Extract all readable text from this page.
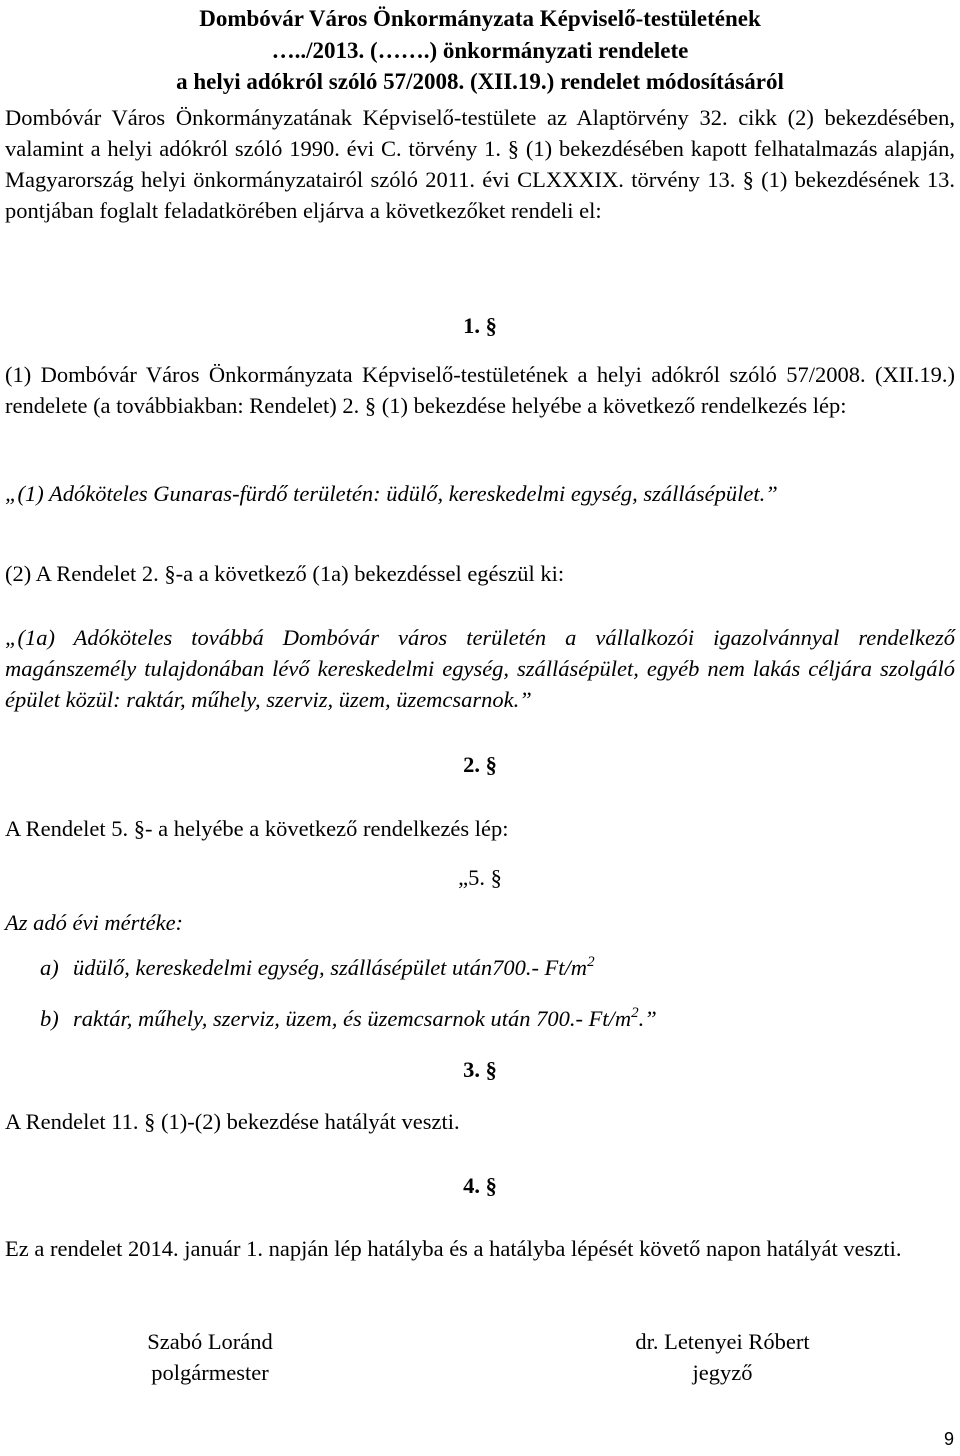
Dombóvár Város Önkormányzata Képviselő-testületének
…../2013. (…….) önkormányzati rendelete
a helyi adókról szóló 57/2008. (XII.19.) rendelet módosításáról

Dombóvár Város Önkormányzatának Képviselő-testülete az Alaptörvény 32. cikk (2) bekezdésében, valamint a helyi adókról szóló 1990. évi C. törvény 1. § (1) bekezdésében kapott felhatalmazás alapján, Magyarország helyi önkormányzatairól szóló 2011. évi CLXXXIX. törvény 13. § (1) bekezdésének 13. pontjában foglalt feladatkörében eljárva a következőket rendeli el:

1. §

(1) Dombóvár Város Önkormányzata Képviselő-testületének a helyi adókról szóló 57/2008. (XII.19.) rendelete (a továbbiakban: Rendelet) 2. § (1) bekezdése helyébe a következő rendelkezés lép:

„(1) Adóköteles Gunaras-fürdő területén: üdülő, kereskedelmi egység, szállásépület.”

(2) A Rendelet 2. §-a a következő (1a) bekezdéssel egészül ki:

„(1a) Adóköteles továbbá Dombóvár város területén a vállalkozói igazolvánnyal rendelkező magánszemély tulajdonában lévő kereskedelmi egység, szállásépület, egyéb nem lakás céljára szolgáló épület közül: raktár, műhely, szerviz, üzem, üzemcsarnok.”

2. §

A Rendelet 5. §- a helyébe a következő rendelkezés lép:

„5. §

Az adó évi mértéke:

a) üdülő, kereskedelmi egység, szállásépület után700.- $Ft/m^2$
b) raktár, műhely, szerviz, üzem, és üzemcsarnok után 700.- $Ft/m^2$.”
3. §

A Rendelet 11. § (1)-(2) bekezdése hatályát veszti.

4. §

Ez a rendelet 2014. január 1. napján lép hatályba és a hatályba lépését követő napon hatályát veszti.

Szabó Loránd
polgármester
dr. Letenyei Róbert
jegyző
9
